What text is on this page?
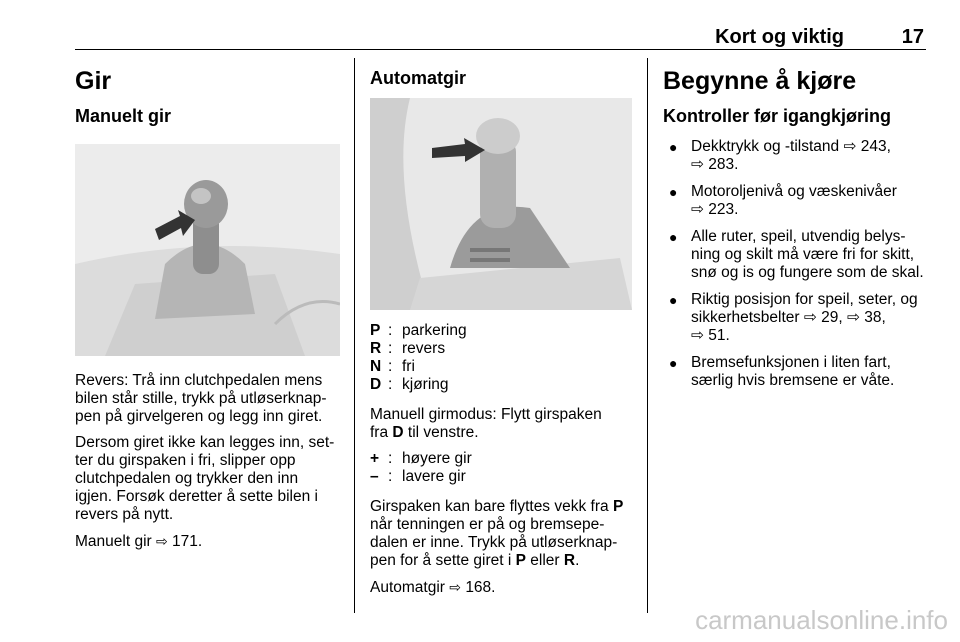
Kort og viktig	17
Gir
Manuelt gir

Revers: Trå inn clutchpedalen mens
bilen står stille, trykk på utløserknap-
pen på girvelgeren og legg inn giret.

Dersom giret ikke kan legges inn, set-
ter du girspaken i fri, slipper opp
clutchpedalen og trykker den inn
igjen. Forsøk deretter å sette bilen i
revers på nytt.

Manuelt gir ⇨ 171.

Automatgir
P : parkering
R : revers
N : fri
D : kjøring

Manuell girmodus: Flytt girspaken
fra D til venstre.

+ : høyere gir
– : lavere gir

Girspaken kan bare flyttes vekk fra P
når tenningen er på og bremsepe-
dalen er inne. Trykk på utløserknap-
pen for å sette giret i P eller R.

Automatgir ⇨ 168.

Begynne å kjøre
Kontroller før igangkjøring
● Dekktrykk og -tilstand ⇨ 243,
⇨ 283.
● Motoroljenivå og væskenivåer
⇨ 223.
● Alle ruter, speil, utvendig belys-
ning og skilt må være fri for skitt,
snø og is og fungere som de skal.
● Riktig posisjon for speil, seter, og
sikkerhetsbelter ⇨ 29, ⇨ 38,
⇨ 51.
● Bremsefunksjonen i liten fart,
særlig hvis bremsene er våte.
carmanualsonline.info
